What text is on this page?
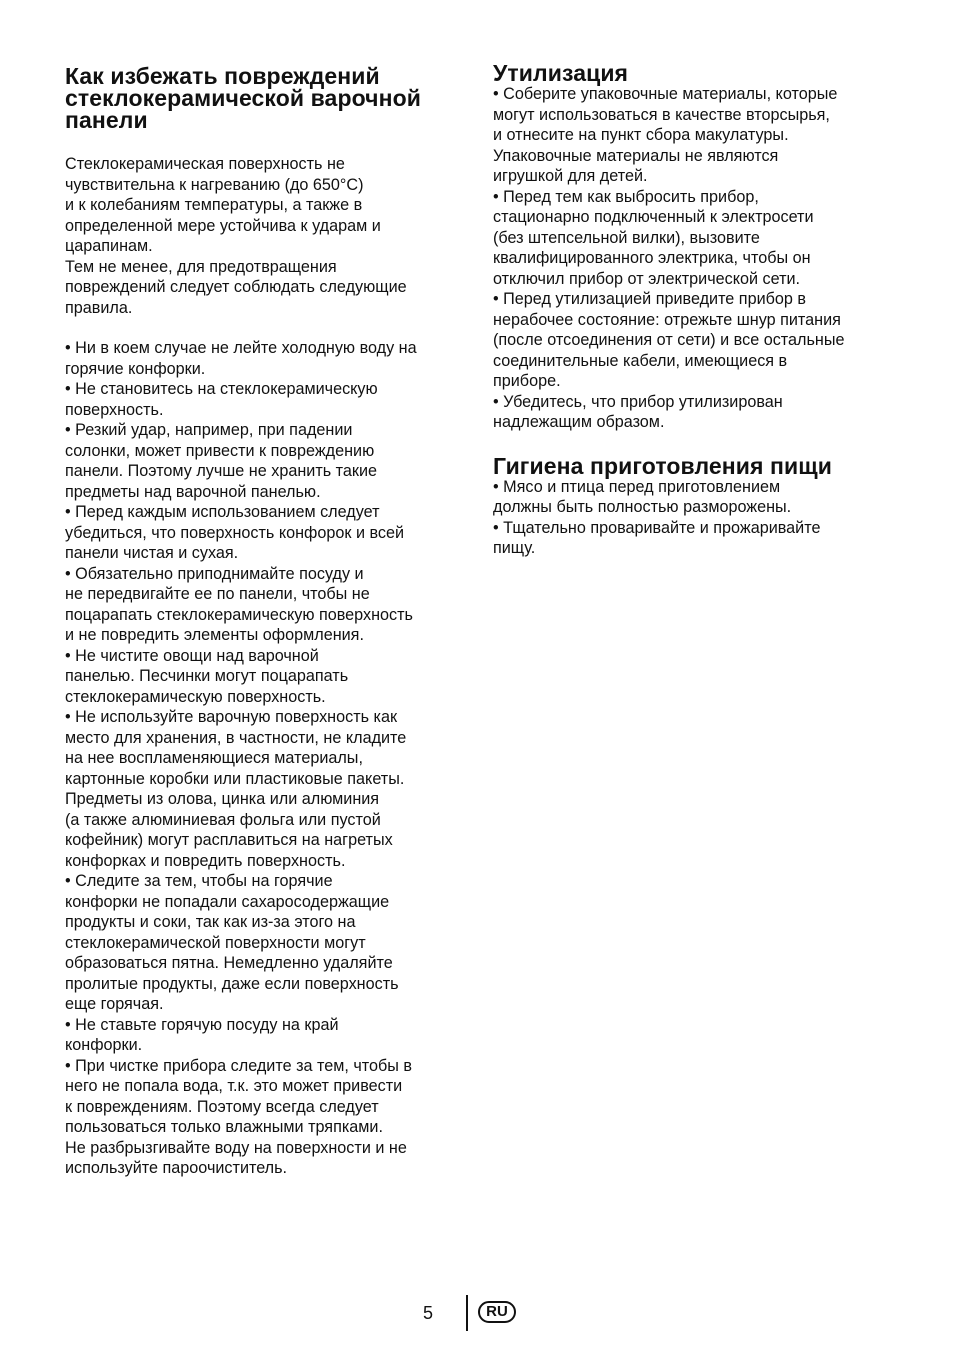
Как избежать повреждений стеклокерамической варочной панели

Стеклокерамическая поверхность не
чувствительна к нагреванию (до 650°C)
и к колебаниям температуры, а также в
определенной мере устойчива к ударам и
царапинам.
Тем не менее, для предотвращения
повреждений следует соблюдать следующие
правила.

• Ни в коем случае не лейте холодную воду на
горячие конфорки.
• Не становитесь на стеклокерамическую
поверхность.
• Резкий удар, например, при падении
солонки, может привести к повреждению
панели. Поэтому лучше не хранить такие
предметы над варочной панелью.
• Перед каждым использованием следует
убедиться, что поверхность конфорок и всей
панели чистая и сухая.
• Обязательно приподнимайте посуду и
не передвигайте ее по панели, чтобы не
поцарапать стеклокерамическую поверхность
и не повредить элементы оформления.
• Не чистите овощи над варочной
панелью. Песчинки могут поцарапать
стеклокерамическую поверхность.
• Не используйте варочную поверхность как
место для хранения, в частности, не кладите
на нее воспламеняющиеся материалы,
картонные коробки или пластиковые пакеты.
Предметы из олова, цинка или алюминия
(а также алюминиевая фольга или пустой
кофейник) могут расплавиться на нагретых
конфорках и повредить поверхность.
• Следите за тем, чтобы на горячие
конфорки не попадали сахаросодержащие
продукты и соки, так как из-за этого на
стеклокерамической поверхности могут
образоваться пятна. Немедленно удаляйте
пролитые продукты, даже если поверхность
еще горячая.
• Не ставьте горячую посуду на край
конфорки.
• При чистке прибора следите за тем, чтобы в
него не попала вода, т.к. это может привести
к повреждениям. Поэтому всегда следует
пользоваться только влажными тряпками.
Не разбрызгивайте воду на поверхности и не
используйте пароочиститель.

Утилизация

• Соберите упаковочные материалы, которые
могут использоваться в качестве вторсырья,
и отнесите на пункт сбора макулатуры.
Упаковочные материалы не являются
игрушкой для детей.
• Перед тем как выбросить прибор,
стационарно подключенный к электросети
(без штепсельной вилки), вызовите
квалифицированного электрика, чтобы он
отключил прибор от электрической сети.
• Перед утилизацией приведите прибор в
нерабочее состояние: отрежьте шнур питания
(после отсоединения от сети) и все остальные
соединительные кабели, имеющиеся в
приборе.
• Убедитесь, что прибор утилизирован
надлежащим образом.

Гигиена приготовления пищи

• Мясо и птица перед приготовлением
должны быть полностью разморожены.
• Тщательно проваривайте и прожаривайте
пищу.

5	RU
